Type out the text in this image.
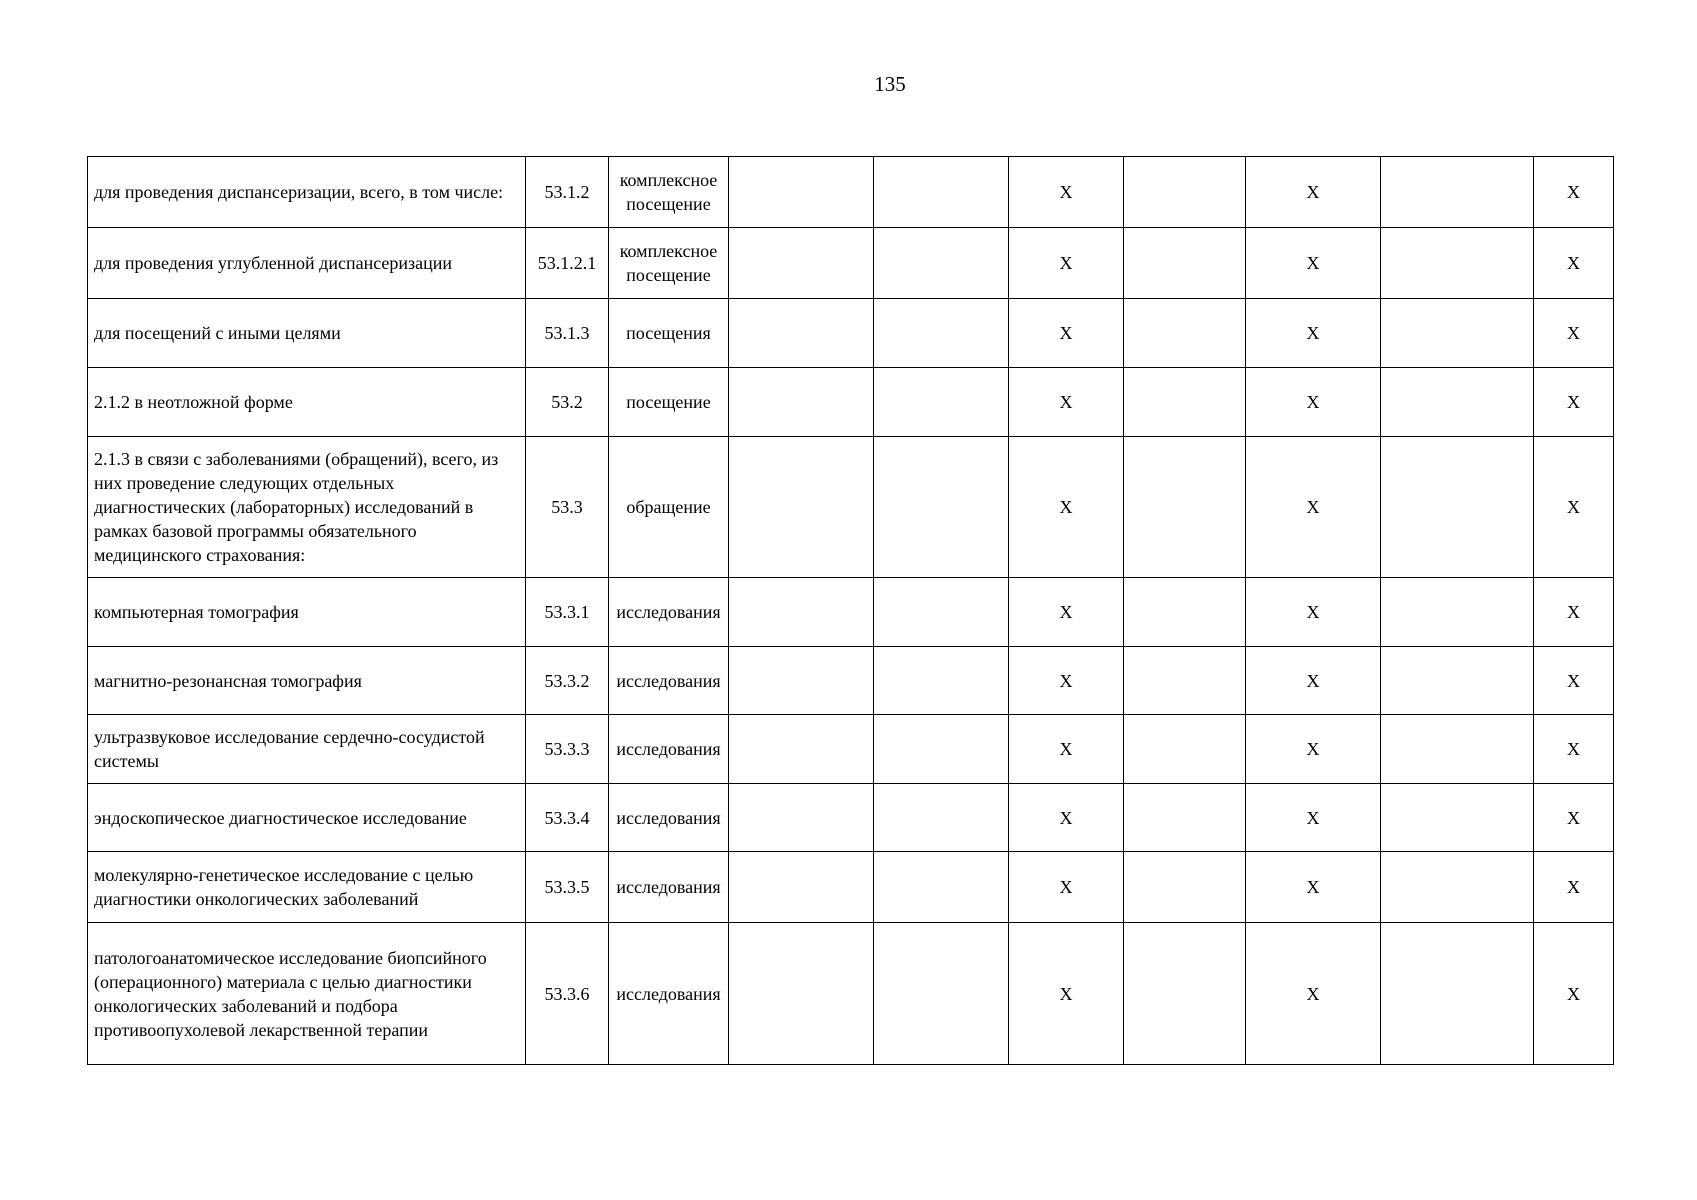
135
для проведения диспансеризации, всего, в том числе:	53.1.2	комплексное посещение			X		X		X
для проведения углубленной диспансеризации	53.1.2.1	комплексное посещение			X		X		X
для посещений с иными целями	53.1.3	посещения			X		X		X
2.1.2 в неотложной форме	53.2	посещение			X		X		X
2.1.3 в связи с заболеваниями (обращений), всего, из них проведение следующих отдельных диагностических (лабораторных) исследований в рамках базовой программы обязательного медицинского страхования:	53.3	обращение			X		X		X
компьютерная томография	53.3.1	исследования			X		X		X
магнитно-резонансная томография	53.3.2	исследования			X		X		X
ультразвуковое исследование сердечно-сосудистой системы	53.3.3	исследования			X		X		X
эндоскопическое диагностическое исследование	53.3.4	исследования			X		X		X
молекулярно-генетическое исследование с целью диагностики онкологических заболеваний	53.3.5	исследования			X		X		X
патологоанатомическое исследование биопсийного (операционного) материала с целью диагностики онкологических заболеваний и подбора противоопухолевой лекарственной терапии	53.3.6	исследования			X		X		X
